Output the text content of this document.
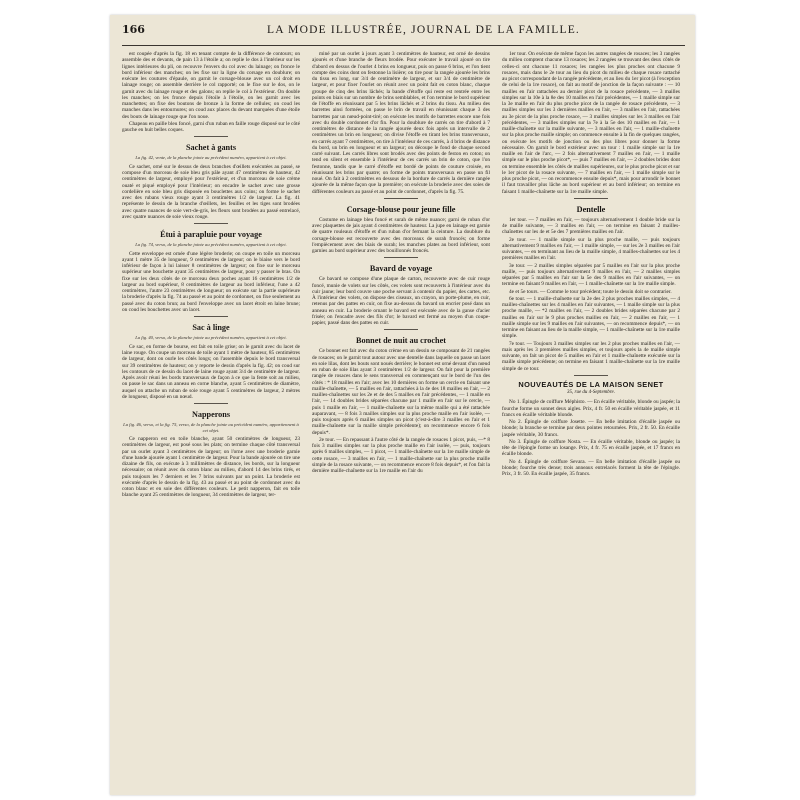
166	LA MODE ILLUSTRÉE, JOURNAL DE LA FAMILLE.

est coupée d'après la fig. 18 en tenant compte de la différence de contours; on assemble des et devants, de pain 13 à l'étoile a; on replie le dos à l'intérieur sur les lignes intérieures du pli, on recouvre l'envers du col avec du lainage; on fronce le bord inférieur des manches; on les fixe sur la ligne du corsage en doublure; on exécute les coutures d'épaule, on garnit le corsage-blouse avec un col droit en lainage rouge; on assemble derrière le col rapporté; on le fixe sur le dos, on le garnit avec du lainage rouge et des galons; on replie le col à l'extérieur. On double les manches; on les fronce depuis l'étoile à l'étoile, on les garnit avec les manchettes; on fixe des boutons de bronze à la forme de cellules; on coud les manches dans les entournures; on coud aux places du devant marquées d'une étoile des bouts de lainage rouge que l'on noue.

Chapeau en paille bleu foncé, garni d'un ruban en faille rouge disposé sur le côté gauche en huit belles coques.

Sachet à gants

La fig. 42, vente, de la planche jointe au précédent numéro, appartient à cet objet.

Ce sachet, orné sur le dessus de deux branches d'œillets exécutées au passé, se compose d'un morceau de soie bleu gris pâle ayant 47 centimètres de hauteur, 42 centimètres de largeur, employé pour l'extérieur, et d'un morceau de soie crème ouaté et piqué employé pour l'intérieur; on encadre le sachet avec une grosse cordelière en soie bleu gris disposée en bouclettes aux coins; on forme le sachet avec des rubans vieux rouge ayant 3 centimètres 1/2 de largeur. La fig. 41 représente le dessin de la branche d'œillets, les feuilles et les tiges sont brodées avec quatre nuances de soie vert-de-gris, les fleurs sont brodées au passé entrelacé, avec quatre nuances de soie vieux rouge.

Étui à parapluie pour voyage

La fig. 74, verso, de la planche jointe au précédent numéro, appartient à cet objet.

Cette enveloppe est ornée d'une légère broderie; on coupe en toile un morceau ayant 1 mètre 35 de longueur, 9 centimètres de largeur; on le biaise vers le bord inférieur de façon à lui laisser 8 centimètres de largeur; on fixe sur le morceau supérieur une bouchette ayant 35 centimètres de largeur, pour y passer le bras. On fixe sur les deux côtés de ce morceau deux poches ayant 16 centimètres 1/2 de largeur au bord supérieur, 8 centimètres de largeur au bord inférieur, l'une a 42 centimètres, l'autre 23 centimètres de longueur; on exécute sur la partie supérieure la broderie d'après la fig. 74 au passé et au point de cordonnet, on fixe seulement au passé avec du coton brun; au bord l'enveloppe avec un lacet étroit en laine brune; on coud les bouchettes avec un lacet.

Sac à linge

La fig. 40, verso, de la planche jointe au précédent numéro, appartient à cet objet.

Ce sac, en forme de bourse, est fait en toile grise; on le garnit avec du lacet de laine rouge. On coupe un morceau de toile ayant 1 mètre de hauteur, 85 centimètres de largeur, dont on ourle les côtés longs; on l'assemble depuis le bord transversal sur 39 centimètres de hauteur; on y reporte le dessin d'après la fig. 42; on coud sur les contours de ce dessin du lacet de laine rouge ayant 3/4 de centimètre de largeur. Après avoir réuni les bords transversaux de façon à ce que la fente soit au milieu, on passe le sac dans un anneau en corne blanche, ayant 5 centimètres de diamètre, auquel on attache un ruban de soie rouge ayant 5 centimètres de largeur, 2 mètres de longueur, disposé en un nœud.

Napperons

La fig. 46, verso, et la fig. 75, verso, de la planche jointe au précédent numéro, appartiennent à cet objet.

Ce napperon est en toile blanche, ayant 50 centimètres de longueur, 23 centimètres de largeur, est posé sous les plats; on termine chaque côté transversal par un ourlet ayant 3 centimètres de largeur; on l'orne avec une broderie garnie d'une bande ajourée ayant 1 centimètre de largeur. Pour la bande ajourée on tire une dizaine de fils, on exécute à 3 millimètres de distance, les bords, sur la longueur nécessaire; on réunit avec du coton blanc au milieu, d'abord 14 des brins tirés, et puis toujours les 7 derniers et les 7 brins suivants par un point. La broderie est exécutée d'après le dessin de la fig. 43 au passé et au point de cordonnet avec du coton blanc et en soie des différentes couleurs. Le petit napperon, fait en toile blanche ayant 25 centimètres de longueur, 34 centimètres de largeur, ter-

miné par un ourlet à jours ayant 3 centimètres de hauteur, est orné de dessins ajourés et d'une branche de fleurs brodée. Pour exécuter le travail ajouré on tire d'abord en dessus de l'ourlet 4 brins en longueur, puis on passe 6 brins, et l'on tient compte des coins dont on festonne la lisière; on tire pour la rangée ajourée les brins du tissu en long, sur 3/4 de centimètre de largeur, et sur 3/4 de centimètre de largeur, et pour fixer l'ourlet on réunit avec un point fait en coton blanc, chaque groupe de cinq des brins lâchés; la bande d'étoffe qui reste est rentrée entre les points en biais sur un nombre de brins semblables, et l'on termine le bord supérieur de l'étoffe en réunissant par 5 les brins lâchés et 2 brins du tissu. Au milieu des barrettes ainsi formées, on passe le brin de travail en réunissant chaque 3 des barrettes par un nœud-point-tiré; on exécute les motifs de barrettes encore une fois avec du double cordonnet d'or fin. Pour la doublure de carrés on tire d'abord à 7 centimètres de distance de la rangée ajourée deux fois après un intervalle de 2 centimètres un brin en longueur; on divise l'étoffe en tirant les brins transversaux, en carrés ayant 7 centimètres, on tire à l'intérieur de ces carrés, à 4 brins de distance du bord, un brin en longueur et un largeur; on découpe le fond de chaque second carré suivant. Les carrés libres sont brodés avec des points de feston en coton; on tend en silent et ensemble à l'intérieur de ces carrés un brin de coton, que l'on festonne, tandis que le carré d'étoffe est bordé de points de couture croisée, en réunissant les brins par quatre; on forme de points transversaux en passe un fil noué. On fait à 2 centimètres en dessous de la bordure de carrés la dernière rangée ajourée de la même façon que la première; on exécute la broderie avec des soies de différentes couleurs au passé et au point de cordonnet, d'après la fig. 75.

Corsage-blouse pour jeune fille

Costume en lainage bleu foncé et surah de même nuance; garni de ruban d'or avec plaquettes de jais ayant 4 centimètres de hauteur. La jupe en lainage est garnie de quatre rouleaux d'étoffe et d'un ruban d'or fermant la ceinture. La doublure du corsage-blouse est recouverte avec des morceaux de surah froncés; on forme l'empiècement avec des biais de surah; les manches plates au bord inférieur, sont garnies au bord supérieur avec des bouillonnés froncés.

Bavard de voyage

Ce bavard se compose d'une plaque de carton, recouverte avec de cuir rouge foncé, munie de volets sur les côtés, ces volets sont recouverts à l'intérieur avec du cuir jaune; leur bord couvre une poche servant à contenir du papier, des cartes, etc. À l'intérieur des volets, on dispose des ciseaux, un crayon, un porte-plume, en cuir, retenus par des pattes en cuir, on fixe au-dessus du bavard un encrier posé dans un anneau en cuir. La broderie ornant le bavard est exécutée avec de la ganse d'acier frisée; on l'encadre avec des fils d'or; le bavard est fermé au moyen d'un coupe-papier, passé dans des pattes en cuir.

Bonnet de nuit au crochet

Ce bonnet est fait avec du coton crème en un dessin se composant de 21 rangées de rosaces; on le garnit tout autour avec une dentelle dans laquelle on passe un lacet en soie lilas, dont les bouts sont noués derrière; le bonnet est orné devant d'un nœud en ruban de soie lilas ayant 3 centimètres 1/2 de largeur. On fait pour la première rangée de rosaces dans le sens transversal en commençant sur le bord de l'un des côtés : * 18 mailles en l'air; avec les 10 dernières on forme un cercle en faisant une maille-chaînette, — 5 mailles en l'air, rattachées à la 4e des 18 mailles en l'air, — 2 mailles-chaînettes sur les 2e et 4e des 5 mailles en l'air précédentes, — 1 maille en l'air, — 14 doubles brides séparées chacune par 1 maille en l'air sur le cercle, — puis 1 maille en l'air, — 1 maille-chaînette sur la même maille qui a été rattachée auparavant, — 8 fois 3 mailles simples sur la plus proche maille en l'air isolée, — puis toujours après 6 mailles simples un picot (c'est-à-dire 3 mailles en l'air et 1 maille-chaînette sur la maille simple précédente); on recommence encore 6 fois depuis*.

2e tour. — En repassant à l'autre côté de la rangée de rosaces 1 picot, puis, —* 8 fois 3 mailles simples sur la plus proche maille en l'air isolée, — puis, toujours après 6 mailles simples, — 1 picot, — 1 maille-chaînette sur la 1re maille simple de cette rosace, — 3 mailles en l'air, — 1 maille-chaînette sur la plus proche maille simple de la rosace suivante, — on recommence encore 8 fois depuis*, et l'on fait la dernière maille-chaînette sur la 1re maille en l'air du

1er tour. On exécute de même façon les autres rangées de rosaces; les 3 rangées du milieu comptent chacune 13 rosaces; les 2 rangées se trouvant des deux côtés de celles-ci ont chacune 11 rosaces; les rangées les plus proches ont chacune 9 rosaces, mais dans le 2e tour au lieu du picot du milieu de chaque rosace rattaché au picot correspondant de la rangée précédente, et au lieu du 1er picot (à l'exception de celui de la 1re rosace), on fait au motif de jonction de la façon suivante : — 10 mailles en l'air rattachées au dernier picot de la rosace précédente, — 3 mailles simples sur la 10e à la 8e des 10 mailles en l'air précédentes, — 1 maille simple sur la 3e maille en l'air du plus proche picot de la rangée de rosace précédente, — 3 mailles simples sur les 3 dernières mailles en l'air, — 3 mailles en l'air, rattachées au 3e picot de la plus proche rosace, — 3 mailles simples sur les 3 mailles en l'air précédentes, — 3 mailles simples sur la 7e à la 5e des 10 mailles en l'air, — 1 maille-chaînette sur la maille suivante, — 3 mailles en l'air, — 1 maille-chaînette sur la plus proche maille simple; on commence ensuite à la fin de quelques rangées, on exécute les motifs de jonction ou des plus libres pour donner la forme nécessaire. On garnit le bord extérieur avec un tour : 1 maille simple sur la 1re maille en l'air de l'arc, — 2 fois alternativement 7 mailles en l'air, — 1 maille simple sur le plus proche picot*, — puis 7 mailles en l'air, — 2 doubles brides dont on termine ensemble les côtés de mailles supérieures, sur le plus proche picot et sur le 1er picot de la rosace suivante, — 7 mailles en l'air, — 1 maille simple sur le plus proche picot, — on recommence ensuite depuis*, mais pour arrondir le bonnet il faut travailler plus lâche au bord supérieur et au bord inférieur; on termine en faisant 1 maille-chaînette sur la 1re maille simple.

Dentelle

1er tour. — 7 mailles en l'air, — toujours alternativement 1 double bride sur la 4e maille suivante, — 3 mailles en l'air, — on termine en faisant 2 mailles-chaînettes sur les 4e et 5e des 7 premières mailles en l'air.

2e tour. — 1 maille simple sur la plus proche maille, — puis toujours alternativement 9 mailles en l'air, — 1 maille simple, — sur les 2e 3 mailles en l'air suivantes, — en terminant au lieu de la maille simple, 4 mailles-chaînettes sur les 4 premières mailles en l'air.

3e tour. — 2 mailles simples séparées par 5 mailles en l'air sur la plus proche maille, — puis toujours alternativement 9 mailles en l'air, — 2 mailles simples séparées par 5 mailles en l'air sur la 5e des 9 mailles en l'air suivantes, — on termine en faisant 9 mailles en l'air, — 1 maille-chaînette sur la 1re maille simple.

4e et 5e tours. — Comme le tour précédent; toute le dessin doit se contrarier.

6e tour. — 1 maille-chaînette sur la 2e des 2 plus proches mailles simples, — 4 mailles-chaînettes sur les 4 mailles en l'air suivantes, — 1 maille simple sur la plus proche maille, — *2 mailles en l'air, — 2 doubles brides séparées chacune par 2 mailles en l'air sur le 9 plus proches mailles en l'air, — 2 mailles en l'air, — 1 maille simple sur les 9 mailles en l'air suivantes, — on recommence depuis*, — on termine en faisant au lieu de la maille simple, — 1 maille-chaînette sur la 1re maille simple.

7e tour. — Toujours 3 mailles simples sur les 2 plus proches mailles en l'air, — mais après les 3 premières mailles simples, et toujours après la 4e maille simple suivante, on fait un picot de 5 mailles en l'air et 1 maille-chaînette exécutée sur la maille simple précédente; on termine en faisant 1 maille-chaînette sur la 1re maille simple de ce tour.

NOUVEAUTÉS DE LA MAISON SENET

35, rue du 4-Septembre.

No 1. Épingle de coiffure Méphisto. — En écaille véritable, blonde ou jaspée; la fourche forme un sonnet deux aigles. Prix, 4 fr. 50 en écaille véritable jaspée, et 11 francs en écaille véritable blonde.

No 2. Épingle de coiffure Josette. — En belle imitation d'écaille jaspée ou blonde; la branche se termine par deux pointes retournées. Prix, 2 fr. 50. En écaille jaspée véritable, 30 francs.

No 3. Épingle de coiffure Nosta. — En écaille véritable, blonde ou jaspée; la tête de l'épingle forme un losange. Prix, 4 fr. 75 en écaille jaspée, et 17 francs en écaille blonde.

No 4. Épingle de coiffure Sevara. — En belle imitation d'écaille jaspée ou blonde; fourche très dense; trois anneaux entrelacés forment la tête de l'épingle. Prix, 3 fr. 50. En écaille jaspée, 35 francs.
